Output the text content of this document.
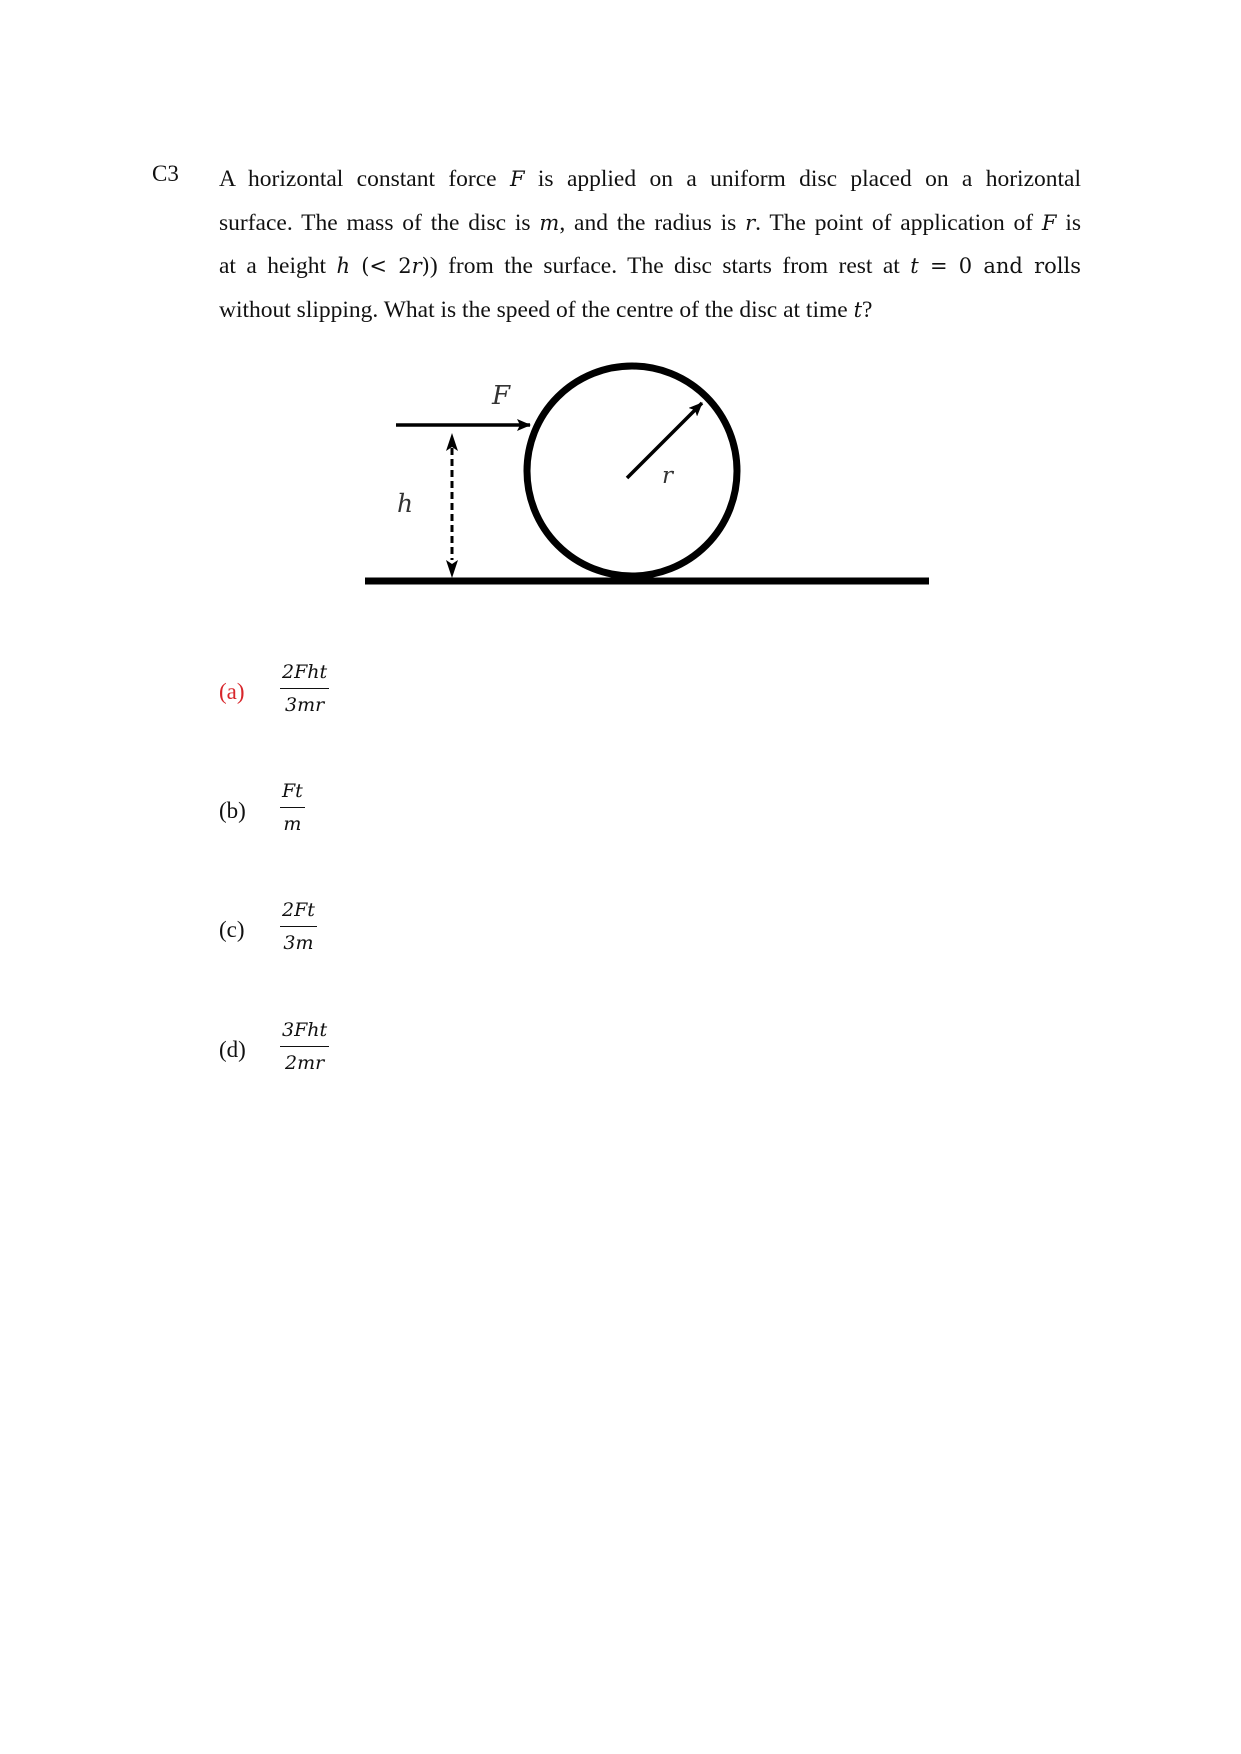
C3 A horizontal constant force F is applied on a uniform disc placed on a horizontal
surface. The mass of the disc is m, and the radius is r. The point of application of F is
at a height h (< 2r)) from the surface. The disc starts from rest at t = 0 and rolls
without slipping. What is the speed of the centre of the disc at time t?
F
h
r
(a)
2Fht
3mr
$(b) \frac{Ft}{m}$
$(c) \frac{2Ft}{3m}$
(d)
3Fht
2mr
